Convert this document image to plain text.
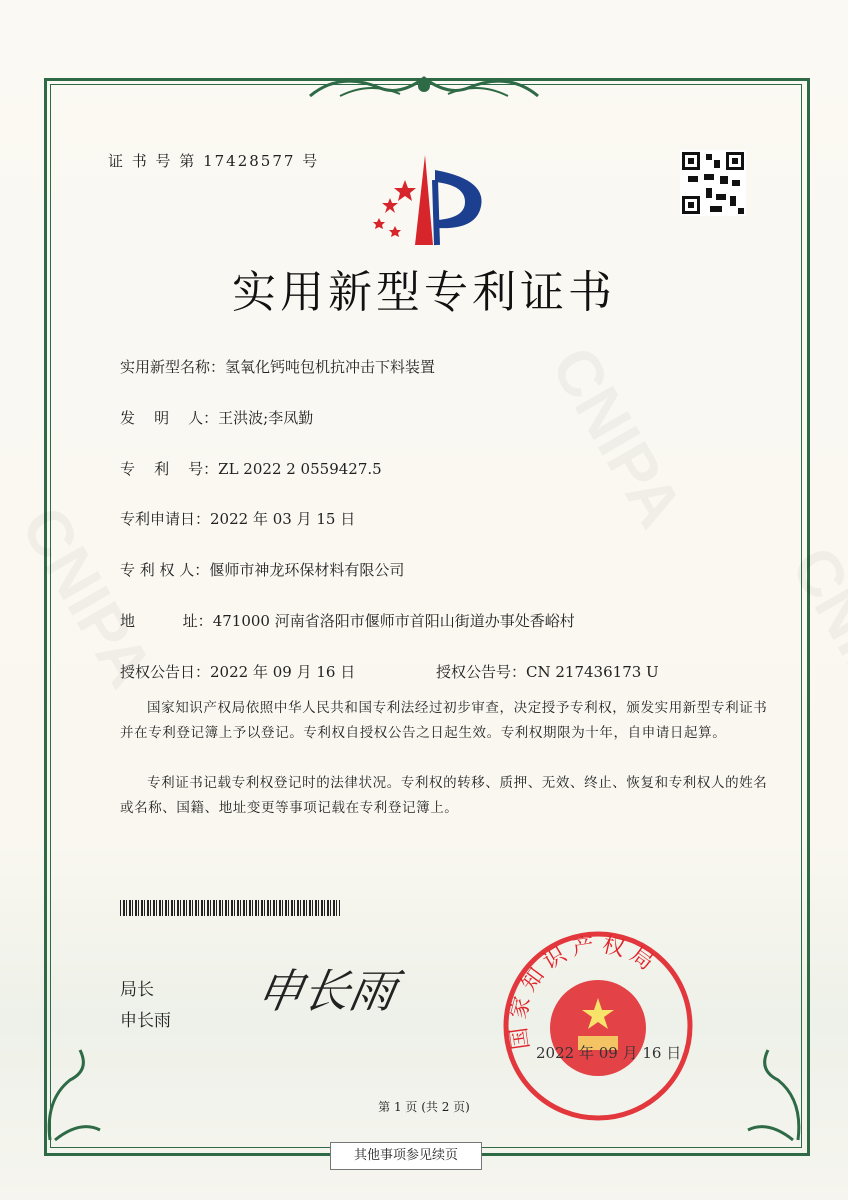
证 书 号 第 17428577 号
实用新型专利证书
实用新型名称：氢氧化钙吨包机抗冲击下料装置
发    明    人：王洪波;李凤勤
专    利    号：ZL 2022 2 0559427.5
专利申请日：2022 年 03 月 15 日
专 利 权 人：偃师市神龙环保材料有限公司
地          址：471000 河南省洛阳市偃师市首阳山街道办事处香峪村
授权公告日：2022 年 09 月 16 日	授权公告号：CN 217436173 U
国家知识产权局依照中华人民共和国专利法经过初步审查，决定授予专利权，颁发实用新型专利证书并在专利登记簿上予以登记。专利权自授权公告之日起生效。专利权期限为十年，自申请日起算。
专利证书记载专利权登记时的法律状况。专利权的转移、质押、无效、终止、恢复和专利权人的姓名或名称、国籍、地址变更等事项记载在专利登记簿上。
局长
申长雨
申长雨
国家知识产权局
2022 年 09 月 16 日
第 1 页 (共 2 页)
其他事项参见续页
